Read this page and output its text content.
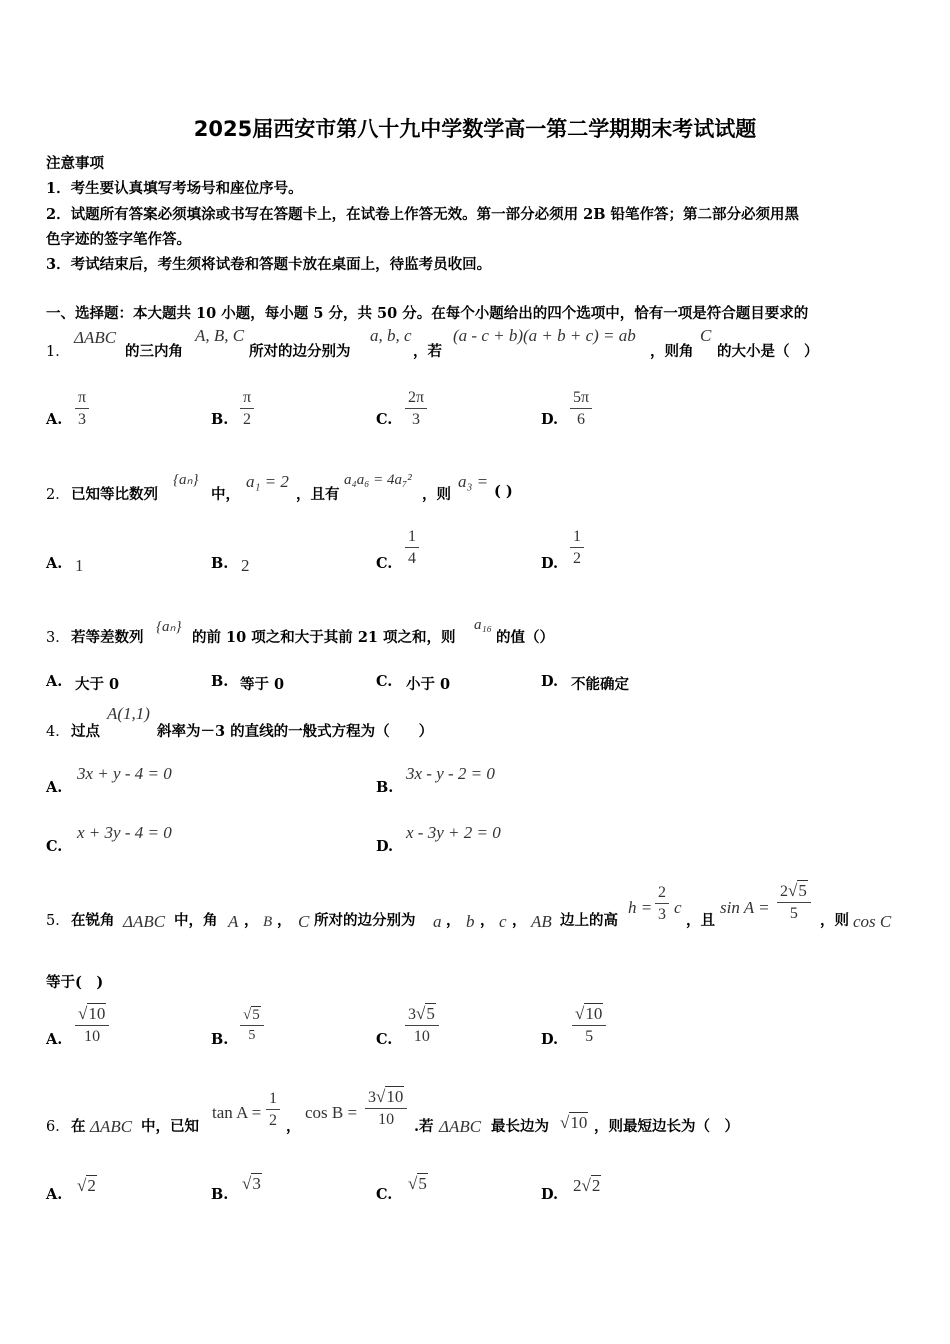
2025届西安市第八十九中学数学高一第二学期期末考试试题
注意事项
1．考生要认真填写考场号和座位序号。
2．试题所有答案必须填涂或书写在答题卡上，在试卷上作答无效。第一部分必须用 2B 铅笔作答；第二部分必须用黑
色字迹的签字笔作答。
3．考试结束后，考生须将试卷和答题卡放在桌面上，待监考员收回。
一、选择题：本大题共 10 小题，每小题 5 分，共 50 分。在每个小题给出的四个选项中，恰有一项是符合题目要求的
1．
ΔABC
的三内角
A, B, C
所对的边分别为
a, b, c
，若
(a - c + b)(a + b + c) = ab
，则角
C
的大小是（　）
A. $\frac{\pi}{3}$	B. $\frac{\pi}{2}$	C. $\frac{2\pi}{3}$	D. $\frac{5\pi}{6}$
2． 已知等比数列
{aₙ}
中，
a₁ = 2
，且有
a₄a₆ = 4a₇²
，则
a₃ =
( )
A. 1	B. 2	C. $\frac{1}{4}$	D. $\frac{1}{2}$
3． 若等差数列
{aₙ}
的前 10 项之和大于其前 21 项之和，则
a₁₆
的值（）
A. 大于 0	B. 等于 0	C. 小于 0	D. 不能确定
4． 过点
A(1,1)
斜率为－3 的直线的一般式方程为（　　）
A.
3x + y - 4 = 0
B.
3x - y - 2 = 0
C.
x + 3y - 4 = 0
D.
x - 3y + 2 = 0
5． 在锐角 ΔABC 中，角 A ， B ， C 所对的边分别为 a ， b ， c ， AB 边上的高
$h = \frac{2}{3}$ c
，且
$\sin A = \frac{2√5}{5}$ ，则 cos C
等于(　)
A. $\frac{√10}{10}$	B. $\frac{√5}{5}$	C. $\frac{3√5}{10}$	D. $\frac{√10}{5}$
6． 在 ΔABC 中，已知
$\tan A = \frac{1}{2}$ ，
$\cos B = \frac{3√10}{10}$ .若 ΔABC 最长边为 √10 ，则最短边长为（　）
A. √2	B.
√3
C.
√5
D. 2√2
